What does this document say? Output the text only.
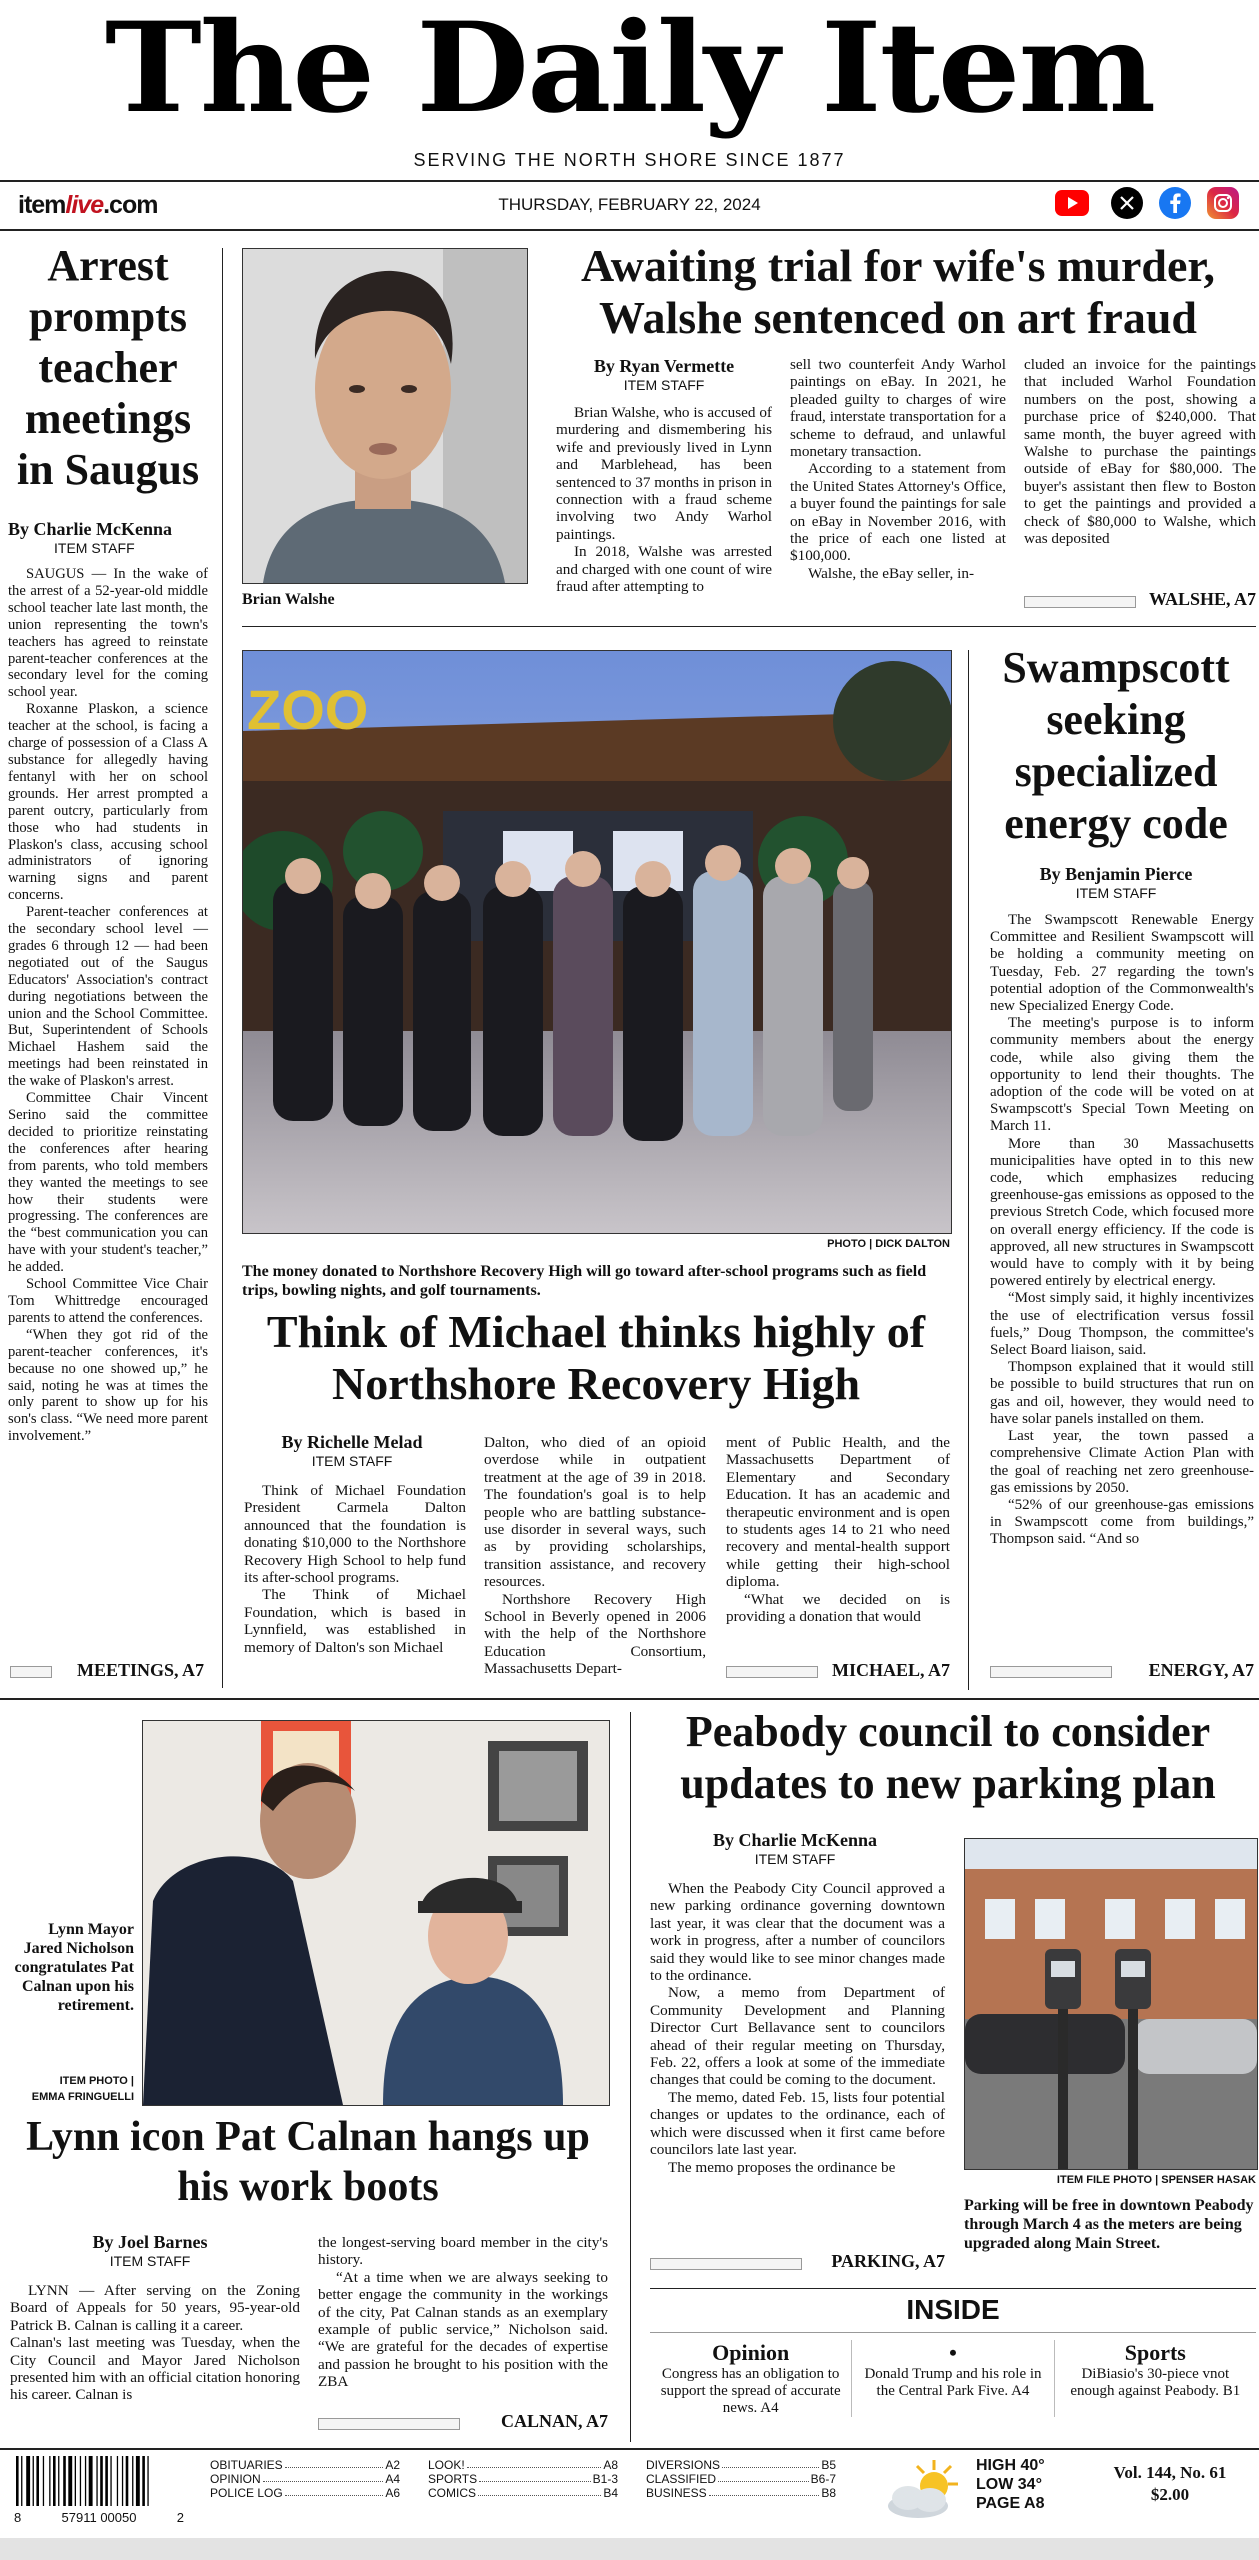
The Daily Item
SERVING THE NORTH SHORE SINCE 1877
itemlive.com	THURSDAY, FEBRUARY 22, 2024
Arrest prompts teacher meetings in Saugus
By Charlie McKenna
ITEM STAFF

SAUGUS — In the wake of the arrest of a 52-year-old middle school teacher late last month, the union representing the town's teachers has agreed to reinstate parent-teacher conferences at the secondary level for the coming school year.

Roxanne Plaskon, a science teacher at the school, is facing a charge of possession of a Class A substance for allegedly having fentanyl with her on school grounds. Her arrest prompted a parent outcry, particularly from those who had students in Plaskon's class, accusing school administrators of ignoring warning signs and parent concerns.

Parent-teacher conferences at the secondary school level — grades 6 through 12 — had been negotiated out of the Saugus Educators' Association's contract during negotiations between the union and the School Committee. But, Superintendent of Schools Michael Hashem said the meetings had been reinstated in the wake of Plaskon's arrest.

Committee Chair Vincent Serino said the committee decided to prioritize reinstating the conferences after hearing from parents, who told members they wanted the meetings to see how their students were progressing. The conferences are the “best communication you can have with your student's teacher,” he added.

School Committee Vice Chair Tom Whittredge encouraged parents to attend the conferences.

“When they got rid of the parent-teacher conferences, it's because no one showed up,” he said, noting he was at times the only parent to show up for his son's class. “We need more parent involvement.”

MEETINGS, A7
Brian Walshe
Awaiting trial for wife's murder, Walshe sentenced on art fraud
By Ryan Vermette
ITEM STAFF

Brian Walshe, who is accused of murdering and dismembering his wife and previously lived in Lynn and Marblehead, has been sentenced to 37 months in prison in connection with a fraud scheme involving two Andy Warhol paintings.

In 2018, Walshe was arrested and charged with one count of wire fraud after attempting to

sell two counterfeit Andy Warhol paintings on eBay. In 2021, he pleaded guilty to charges of wire fraud, interstate transportation for a scheme to defraud, and unlawful monetary transaction.

According to a statement from the United States Attorney's Office, a buyer found the paintings for sale on eBay in November 2016, with the price of each one listed at $100,000.

Walshe, the eBay seller, in-

cluded an invoice for the paintings that included Warhol Foundation numbers on the post, showing a purchase price of $240,000. That same month, the buyer agreed with Walshe to purchase the paintings outside of eBay for $80,000. The buyer's assistant then flew to Boston to get the paintings and provided a check of $80,000 to Walshe, which was deposited

WALSHE, A7
ZOO
PHOTO | DICK DALTON
The money donated to Northshore Recovery High will go toward after-school programs such as field trips, bowling nights, and golf tournaments.
Think of Michael thinks highly of Northshore Recovery High
By Richelle Melad
ITEM STAFF

Think of Michael Foundation President Carmela Dalton announced that the foundation is donating $10,000 to the Northshore Recovery High School to help fund its after-school programs.

The Think of Michael Foundation, which is based in Lynnfield, was established in memory of Dalton's son Michael

Dalton, who died of an opioid overdose while in outpatient treatment at the age of 39 in 2018. The foundation's goal is to help people who are battling substance-use disorder in several ways, such as by providing scholarships, transition assistance, and recovery resources.

Northshore Recovery High School in Beverly opened in 2006 with the help of the Northshore Education Consortium, Massachusetts Depart-

ment of Public Health, and the Massachusetts Department of Elementary and Secondary Education. It has an academic and therapeutic environment and is open to students ages 14 to 21 who need recovery and mental-health support while getting their high-school diploma.

“What we decided on is providing a donation that would

MICHAEL, A7
Swampscott seeking specialized energy code
By Benjamin Pierce
ITEM STAFF

The Swampscott Renewable Energy Committee and Resilient Swampscott will be holding a community meeting on Tuesday, Feb. 27 regarding the town's potential adoption of the Commonwealth's new Specialized Energy Code.

The meeting's purpose is to inform community members about the energy code, while also giving them the opportunity to lend their thoughts. The adoption of the code will be voted on at Swampscott's Special Town Meeting on March 11.

More than 30 Massachusetts municipalities have opted in to this new code, which emphasizes reducing greenhouse-gas emissions as opposed to the previous Stretch Code, which focused more on overall energy efficiency. If the code is approved, all new structures in Swampscott would have to comply with it by being powered entirely by electrical energy.

“Most simply said, it highly incentivizes the use of electrification versus fossil fuels,” Doug Thompson, the committee's Select Board liaison, said.

Thompson explained that it would still be possible to build structures that run on gas and oil, however, they would need to have solar panels installed on them.

Last year, the town passed a comprehensive Climate Action Plan with the goal of reaching net zero greenhouse-gas emissions by 2050.

“52% of our greenhouse-gas emissions in Swampscott come from buildings,” Thompson said. “And so

ENERGY, A7
Lynn Mayor Jared Nicholson congratulates Pat Calnan upon his retirement.
ITEM PHOTO |
EMMA FRINGUELLI
Lynn icon Pat Calnan hangs up his work boots
By Joel Barnes
ITEM STAFF

LYNN — After serving on the Zoning Board of Appeals for 50 years, 95-year-old Patrick B. Calnan is calling it a career.

Calnan's last meeting was Tuesday, when the City Council and Mayor Jared Nicholson presented him with an official citation honoring his career. Calnan is

the longest-serving board member in the city's history.

“At a time when we are always seeking to better engage the community in the workings of the city, Pat Calnan stands as an exemplary example of public service,” Nicholson said. “We are grateful for the decades of expertise and passion he brought to his position with the ZBA

CALNAN, A7
Peabody council to consider updates to new parking plan
By Charlie McKenna
ITEM STAFF

When the Peabody City Council approved a new parking ordinance governing downtown last year, it was clear that the document was a work in progress, after a number of councilors said they would like to see minor changes made to the ordinance.

Now, a memo from Department of Community Development and Planning Director Curt Bellavance sent to councilors ahead of their regular meeting on Thursday, Feb. 22, offers a look at some of the immediate changes that could be coming to the document.

The memo, dated Feb. 15, lists four potential changes or updates to the ordinance, each of which were discussed when it first came before councilors late last year.

The memo proposes the ordinance be

PARKING, A7
ITEM FILE PHOTO | SPENSER HASAK
Parking will be free in downtown Peabody through March 4 as the meters are being upgraded along Main Street.
INSIDE
Opinion
Congress has an obligation to support the spread of accurate news. A4
•
Donald Trump and his role in the Central Park Five. A4
Sports
DiBiasio's 30-piece vnot enough against Peabody. B1
8	57911 00050	2
OBITUARIES	A2
OPINION	A4
POLICE LOG	A6
LOOK!	A8
SPORTS	B1-3
COMICS	B4
DIVERSIONS	B5
CLASSIFIED	B6-7
BUSINESS	B8
HIGH 40°
LOW 34°
PAGE A8
Vol. 144, No. 61
$2.00
